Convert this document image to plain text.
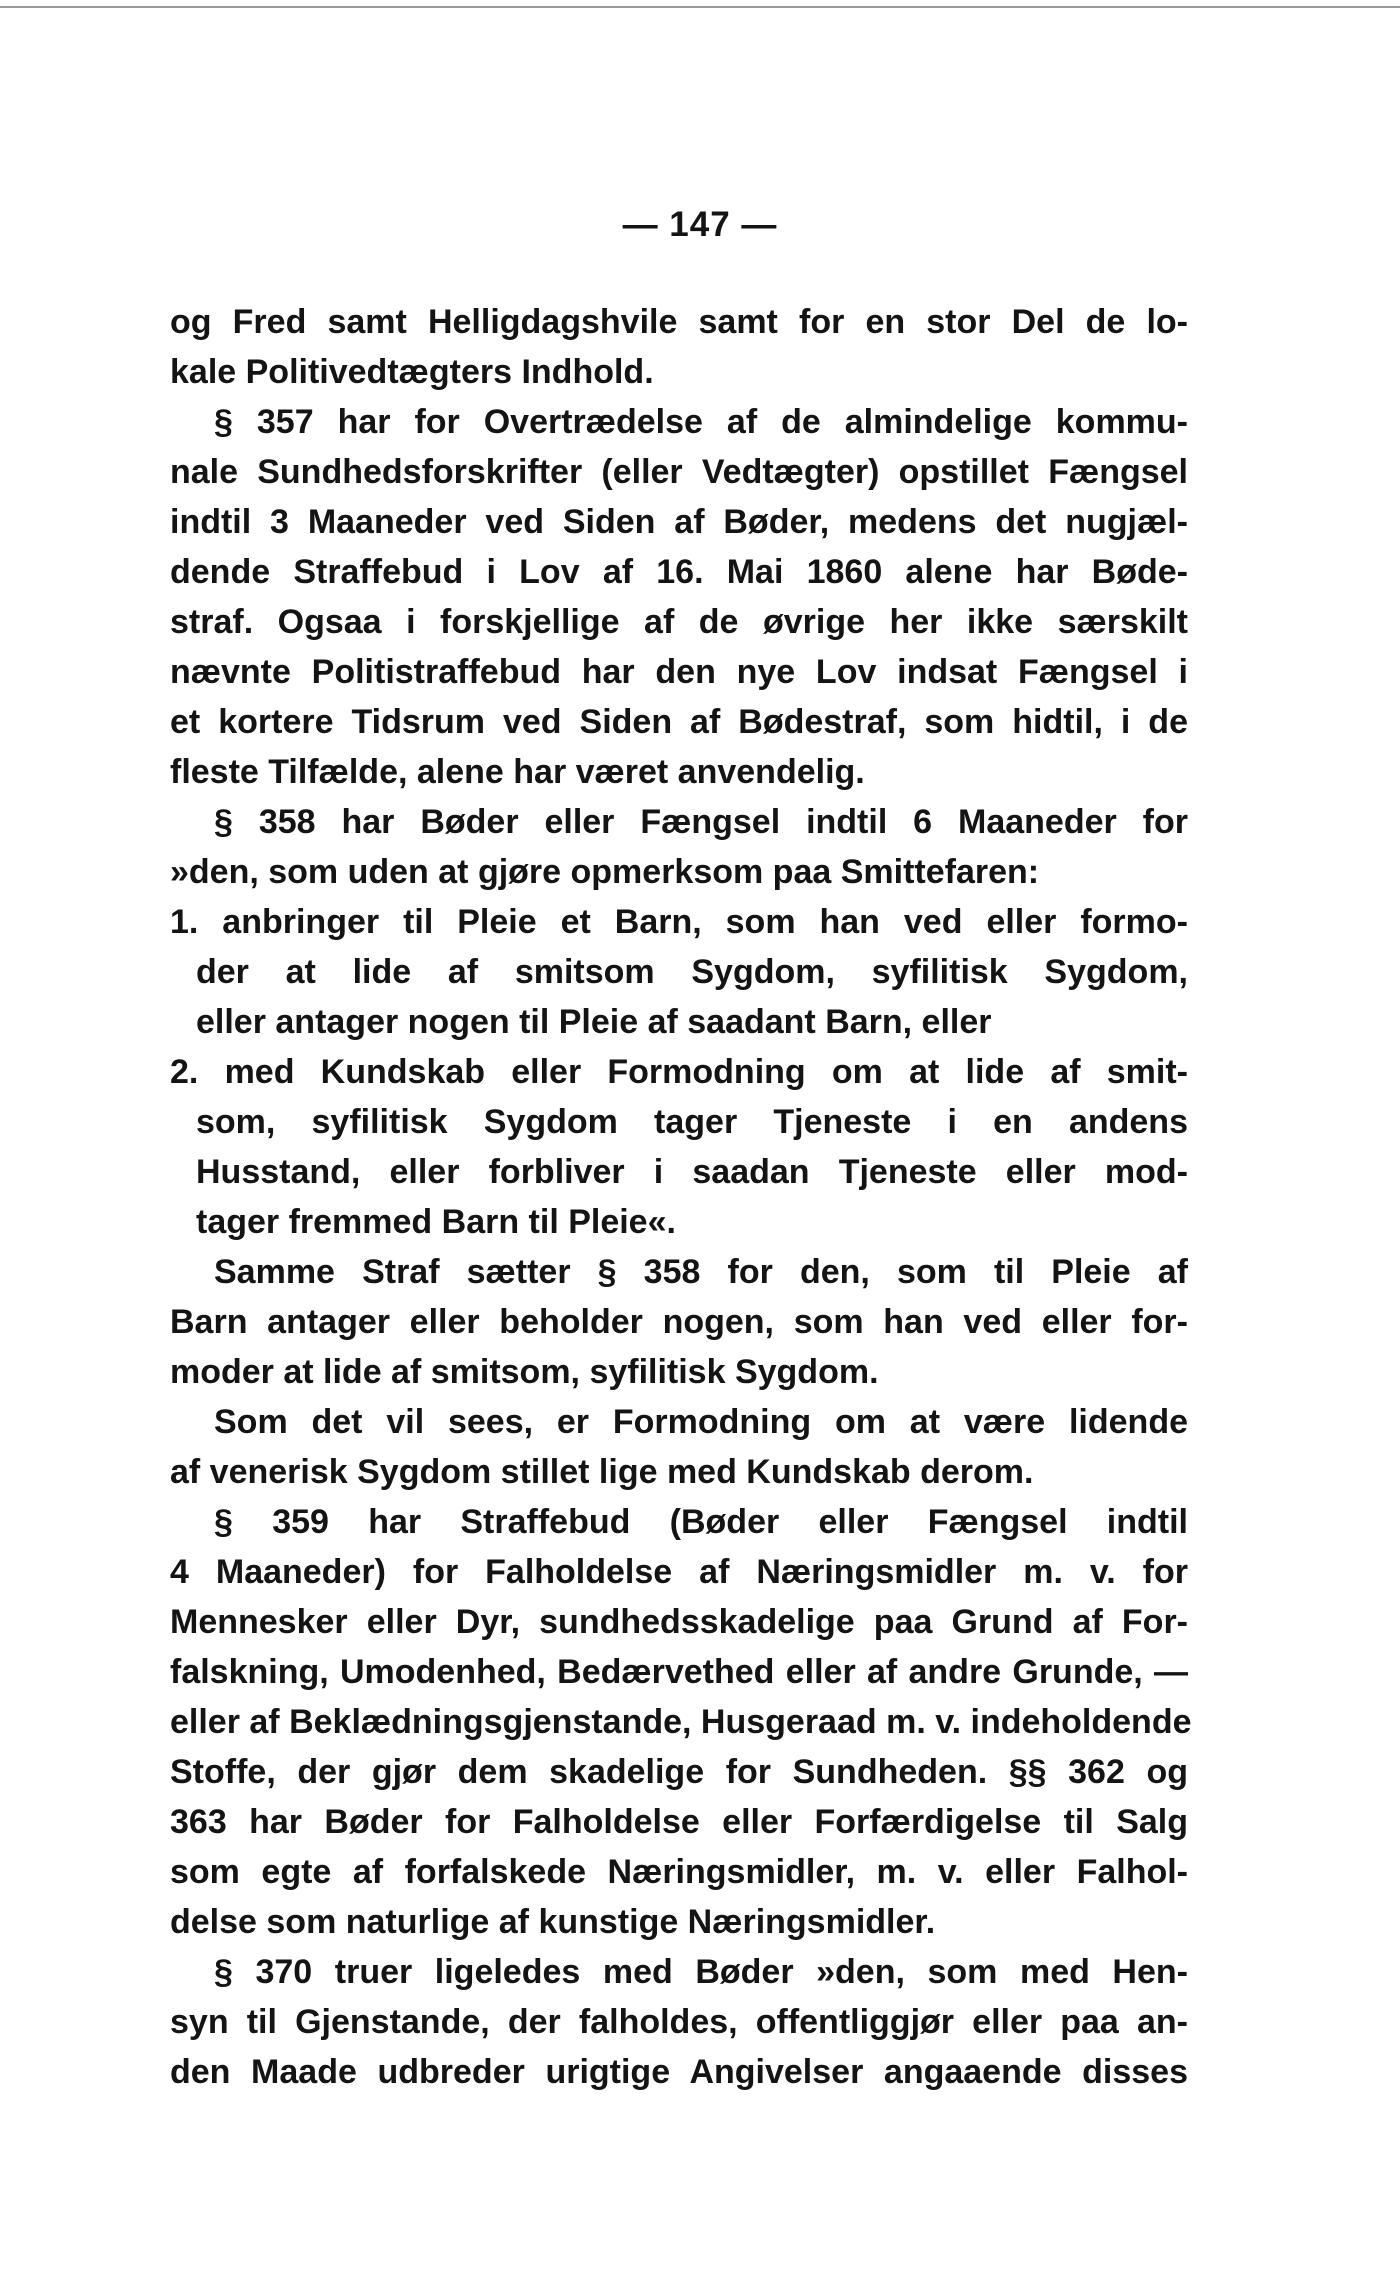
— 147 —
og Fred samt Helligdagshvile samt for en stor Del de lo-
kale Politivedtægters Indhold.
§ 357 har for Overtrædelse af de almindelige kommu-
nale Sundhedsforskrifter (eller Vedtægter) opstillet Fængsel
indtil 3 Maaneder ved Siden af Bøder, medens det nugjæl-
dende Straffebud i Lov af 16. Mai 1860 alene har Bøde-
straf. Ogsaa i forskjellige af de øvrige her ikke særskilt
nævnte Politistraffebud har den nye Lov indsat Fængsel i
et kortere Tidsrum ved Siden af Bødestraf, som hidtil, i de
fleste Tilfælde, alene har været anvendelig.
§ 358 har Bøder eller Fængsel indtil 6 Maaneder for
»den, som uden at gjøre opmerksom paa Smittefaren:
1. anbringer til Pleie et Barn, som han ved eller formo-
der at lide af smitsom Sygdom, syfilitisk Sygdom,
eller antager nogen til Pleie af saadant Barn, eller
2. med Kundskab eller Formodning om at lide af smit-
som, syfilitisk Sygdom tager Tjeneste i en andens
Husstand, eller forbliver i saadan Tjeneste eller mod-
tager fremmed Barn til Pleie«.
Samme Straf sætter § 358 for den, som til Pleie af
Barn antager eller beholder nogen, som han ved eller for-
moder at lide af smitsom, syfilitisk Sygdom.
Som det vil sees, er Formodning om at være lidende
af venerisk Sygdom stillet lige med Kundskab derom.
§ 359 har Straffebud (Bøder eller Fængsel indtil
4 Maaneder) for Falholdelse af Næringsmidler m. v. for
Mennesker eller Dyr, sundhedsskadelige paa Grund af For-
falskning, Umodenhed, Bedærvethed eller af andre Grunde, —
eller af Beklædningsgjenstande, Husgeraad m. v. indeholdende
Stoffe, der gjør dem skadelige for Sundheden. §§ 362 og
363 har Bøder for Falholdelse eller Forfærdigelse til Salg
som egte af forfalskede Næringsmidler, m. v. eller Falhol-
delse som naturlige af kunstige Næringsmidler.
§ 370 truer ligeledes med Bøder »den, som med Hen-
syn til Gjenstande, der falholdes, offentliggjør eller paa an-
den Maade udbreder urigtige Angivelser angaaende disses
